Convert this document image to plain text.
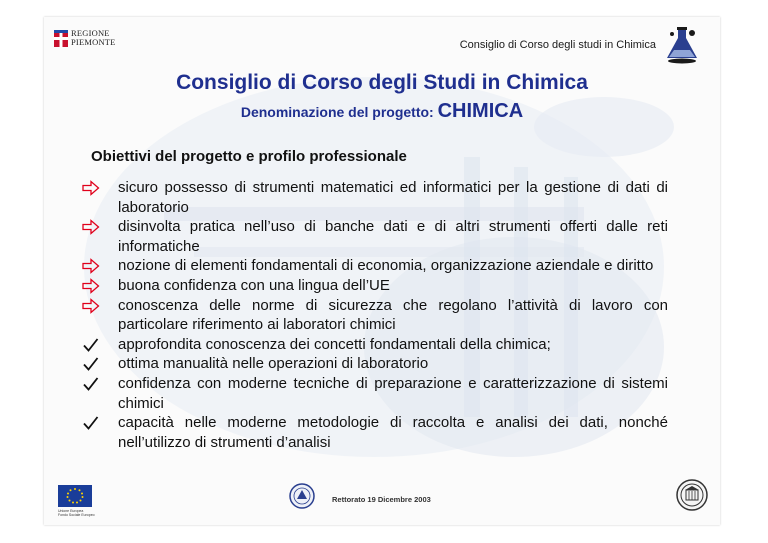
REGIONE
PIEMONTE	Consiglio di Corso degli studi in Chimica
Consiglio di Corso degli Studi in Chimica
Denominazione del progetto: CHIMICA
Obiettivi del progetto e profilo professionale
sicuro possesso di strumenti matematici ed informatici per la gestione di dati di laboratorio
disinvolta pratica nell’uso di banche dati e di altri strumenti offerti dalle reti informatiche
nozione di elementi fondamentali di economia, organizzazione aziendale e diritto
buona confidenza con una lingua dell’UE
conoscenza delle norme di sicurezza che regolano l’attività di lavoro con particolare riferimento ai laboratori chimici
approfondita conoscenza dei concetti fondamentali della chimica;
ottima manualità nelle operazioni di laboratorio
confidenza con moderne tecniche di preparazione e caratterizzazione di sistemi chimici
capacità nelle moderne metodologie di raccolta e analisi dei dati, nonché nell’utilizzo di strumenti d’analisi
Unione Europea
Fondo Sociale Europeo
Rettorato 19 Dicembre 2003
